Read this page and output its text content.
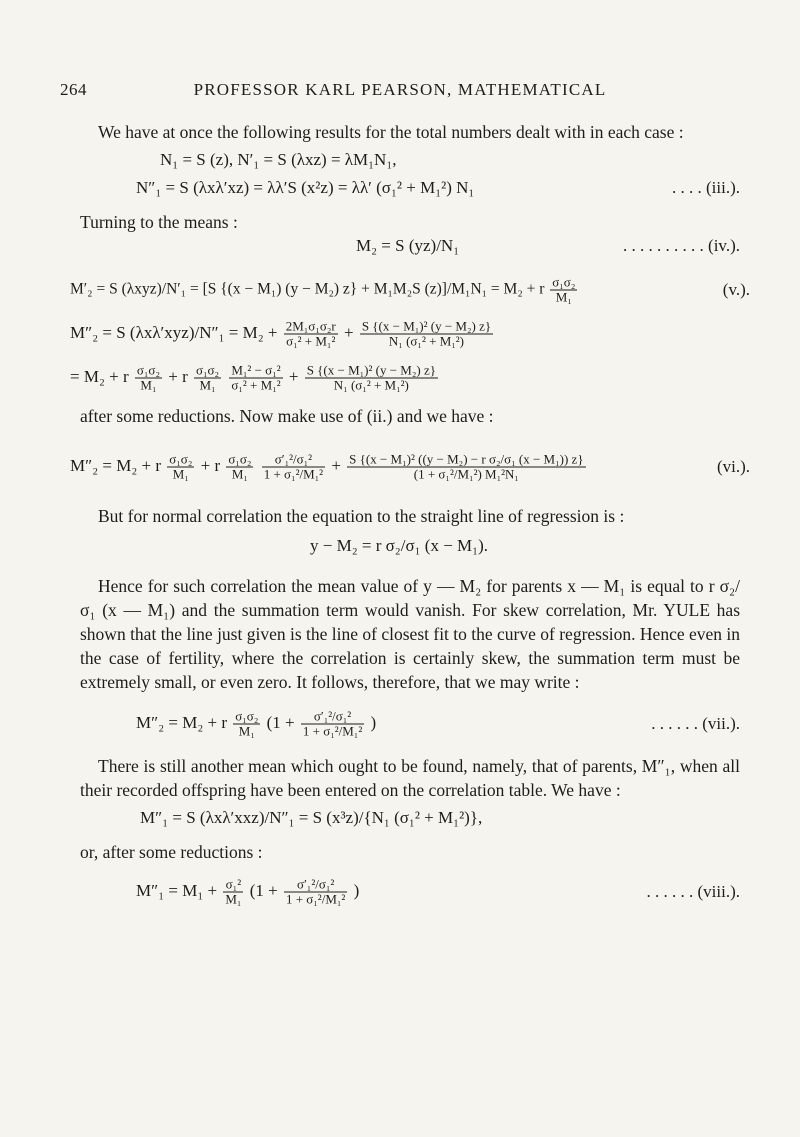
264	PROFESSOR KARL PEARSON, MATHEMATICAL

We have at once the following results for the total numbers dealt with in each case :

N₁ = S (z), N′₁ = S (λxz) = λM₁N₁,
N″₁ = S (λxλ′xz) = λλ′S (x²z) = λλ′ (σ₁² + M₁²) N₁	. . . . (iii.).

Turning to the means :

M₂ = S (yz)/N₁	. . . . . . . . . . (iv.).
M′₂ = S (λxyz)/N′₁ = [S {(x − M₁) (y − M₂) z} + M₁M₂S (z)]/M₁N₁ = M₂ + r $\frac{\text{σ₁σ₂}}{\text{M₁}}$	(v.).
M″₂ = S $(\lambda x\lambda'xyz)/N''_1 = M_2 + \frac{\text{2M₁σ₁σ₂r}}{\text{σ₁² + M₁²}} + \frac{\text{S \{(x − M₁)² (y − M₂) z\}}}{\text{N₁ (σ₁² + M₁²)}}$
= M₂ + r $\frac{\text{σ₁σ₂}}{\text{M₁}} + r \frac{\text{σ₁σ₂}}{\text{M₁}}$
$\frac{\text{M₁² − σ₁²}}{\text{σ₁² + M₁²}} + \frac{\text{S \{(x − M₁)² (y − M₂) z\}}}{\text{N₁ (σ₁² + M₁²)}}$

after some reductions. Now make use of (ii.) and we have :

M″₂ = M₂ + r $\frac{\text{σ₁σ₂}}{\text{M₁}} + r \frac{\text{σ₁σ₂}}{\text{M₁}}$
$\frac{\text{σ′₁²/σ₁²}}{\text{1 + σ₁²/M₁²}} + \frac{\text{S \{(x − M₁)² ((y − M₂) − r σ₂/σ₁ (x − M₁)) z\}}}{\text{(1 + σ₁²/M₁²) M₁²N₁}}$	(vi.).

But for normal correlation the equation to the straight line of regression is :

y − M₂ = r σ₂/σ₁ (x − M₁).

Hence for such correlation the mean value of y — M₂ for parents x — M₁ is equal to r σ₂/σ₁ (x — M₁) and the summation term would vanish. For skew correlation, Mr. YULE has shown that the line just given is the line of closest fit to the curve of regression. Hence even in the case of fertility, where the correlation is certainly skew, the summation term must be extremely small, or even zero. It follows, therefore, that we may write :

M″₂ = M₂ + r $\frac{\text{σ₁σ₂}}{\text{M₁}} (1 + \frac{\text{σ′₁²/σ₁²}}{\text{1 + σ₁²/M₁²}}$ )	. . . . . . (vii.).

There is still another mean which ought to be found, namely, that of parents, M″₁, when all their recorded offspring have been entered on the correlation table. We have :

M″₁ = S (λxλ′xxz)/N″₁ = S (x³z)/{N₁ (σ₁² + M₁²)},

or, after some reductions :

$M''_1 = M_1 + \frac{\text{σ₁²}}{\text{M₁}} (1 + \frac{\text{σ′₁²/σ₁²}}{\text{1 + σ₁²/M₁²}}$ )	. . . . . . (viii.).
